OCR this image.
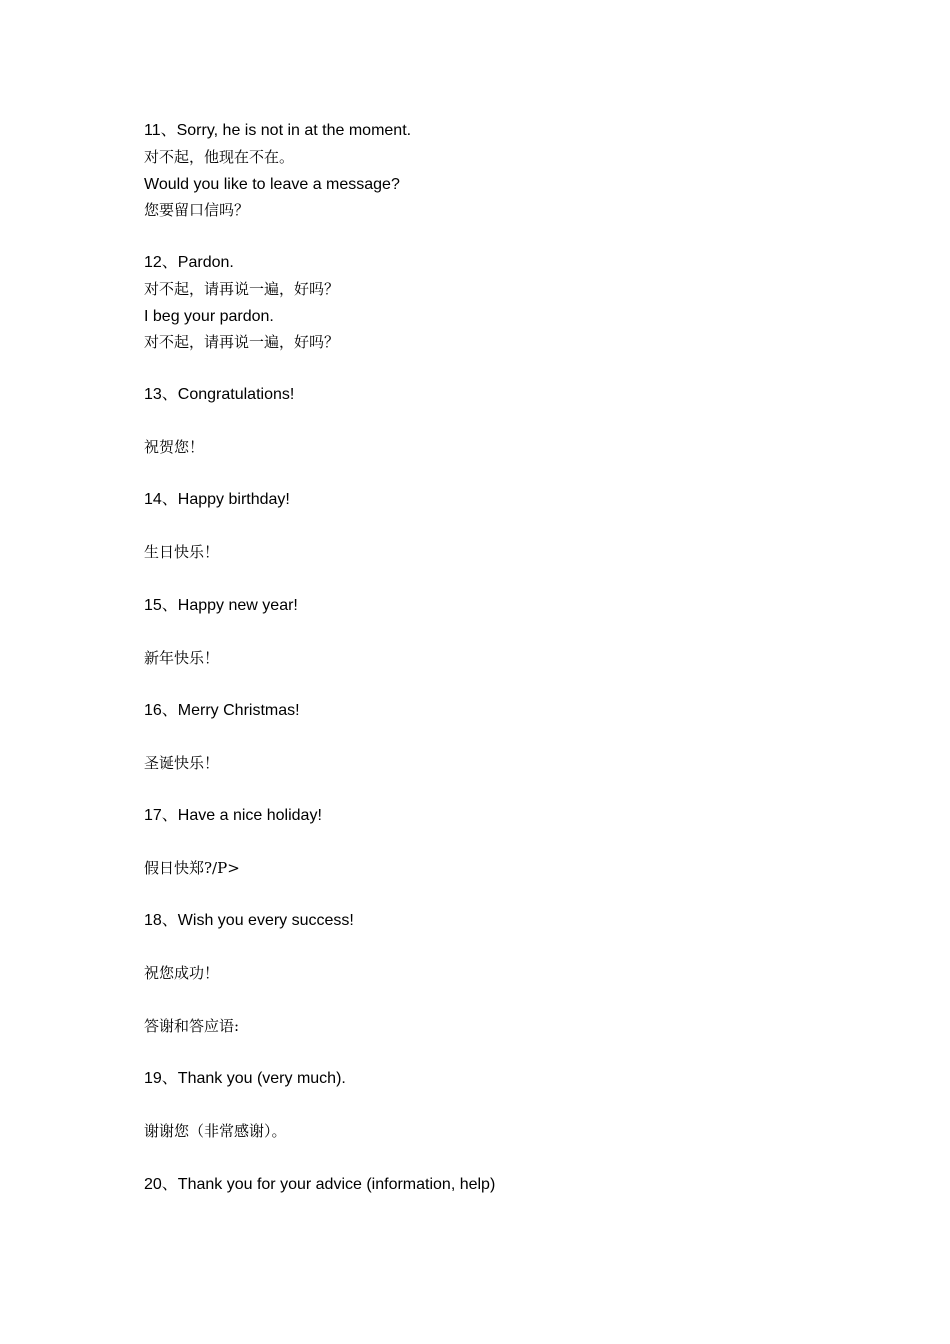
11、Sorry, he is not in at the moment.
对不起，他现在不在。
Would you like to leave a message?
您要留口信吗？
12、Pardon.
对不起，请再说一遍，好吗？
I beg your pardon.
对不起，请再说一遍，好吗？
13、Congratulations!
祝贺您！
14、Happy birthday!
生日快乐！
15、Happy new year!
新年快乐！
16、Merry Christmas!
圣诞快乐！
17、Have a nice holiday!
假日快郑?/P>
18、Wish you every success!
祝您成功！
答谢和答应语:
19、Thank you (very much).
谢谢您（非常感谢）。
20、Thank you for your advice (information, help)
